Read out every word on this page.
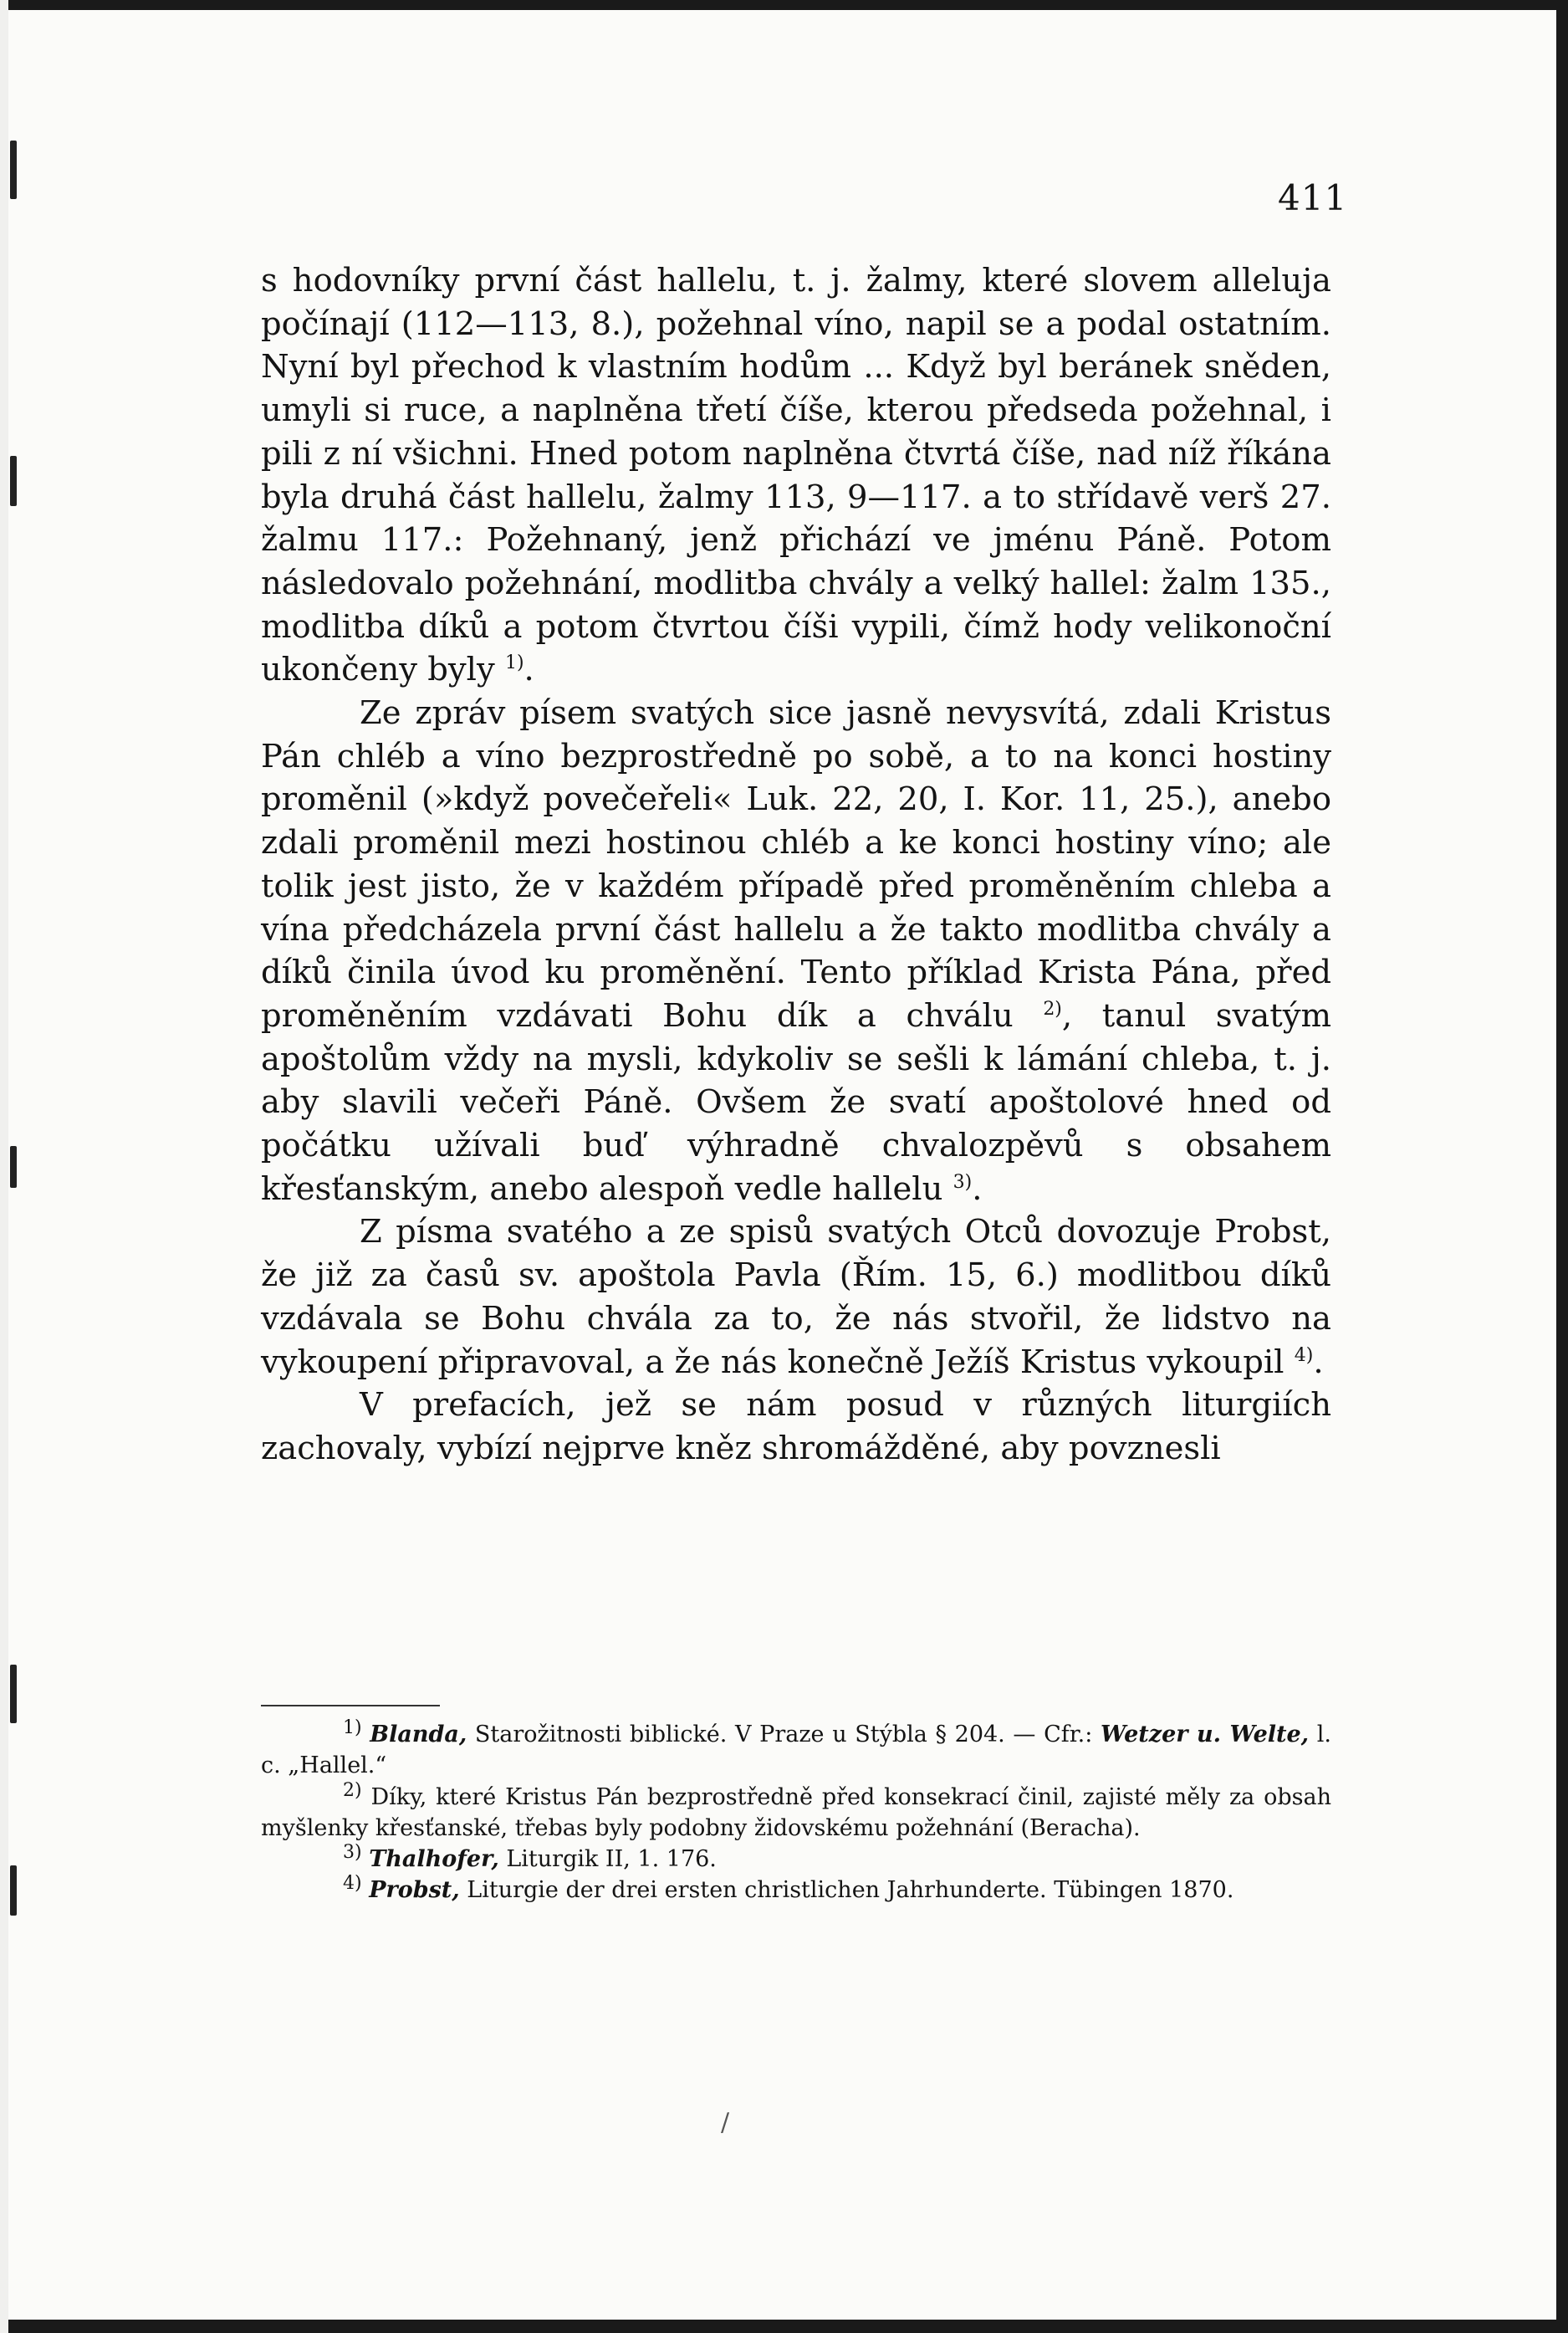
411

s hodovníky první část hallelu, t. j. žalmy, které slovem alleluja počínají (112—113, 8.), požehnal víno, napil se a podal ostatním. Nyní byl přechod k vlastním hodům ... Když byl beránek sněden, umyli si ruce, a naplněna třetí číše, kterou předseda požehnal, i pili z ní všichni. Hned potom naplněna čtvrtá číše, nad níž říkána byla druhá část hallelu, žalmy 113, 9—117. a to střídavě verš 27. žalmu 117.: Požehnaný, jenž přichází ve jménu Páně. Potom následovalo požehnání, modlitba chvály a velký hallel: žalm 135., modlitba díků a potom čtvrtou číši vypili, čímž hody velikonoční ukončeny byly $^{1)}$.

Ze zpráv písem svatých sice jasně nevysvítá, zdali Kristus Pán chléb a víno bezprostředně po sobě, a to na konci hostiny proměnil (»když povečeřeli« Luk. 22, 20, I. Kor. 11, 25.), anebo zdali proměnil mezi hostinou chléb a ke konci hostiny víno; ale tolik jest jisto, že v každém případě před proměněním chleba a vína předcházela první část hallelu a že takto modlitba chvály a díků činila úvod ku proměnění. Tento příklad Krista Pána, před proměněním vzdávati Bohu dík a chválu $^{2)}$, tanul svatým apoštolům vždy na mysli, kdykoliv se sešli k lámání chleba, t. j. aby slavili večeři Páně. Ovšem že svatí apoštolové hned od počátku užívali buď výhradně chvalozpěvů s obsahem křesťanským, anebo alespoň vedle hallelu $^{3)}$.

Z písma svatého a ze spisů svatých Otců dovozuje Probst, že již za časů sv. apoštola Pavla (Řím. 15, 6.) modlitbou díků vzdávala se Bohu chvála za to, že nás stvořil, že lidstvo na vykoupení připravoval, a že nás konečně Ježíš Kristus vykoupil $^{4)}$.

V prefacích, jež se nám posud v různých liturgiích zachovaly, vybízí nejprve kněz shromážděné, aby povznesli

$^{1)}$ Blanda, Starožitnosti biblické. V Praze u Stýbla § 204. — Cfr.: Wetzer u. Welte, l. c. „Hallel.“

$^{2)}$ Díky, které Kristus Pán bezprostředně před konsekrací činil, zajisté měly za obsah myšlenky křesťanské, třebas byly podobny židovskému požehnání (Beracha).

$^{3)}$ Thalhofer, Liturgik II, 1. 176.

$^{4)}$ Probst, Liturgie der drei ersten christlichen Jahrhunderte. Tübingen 1870.

/
